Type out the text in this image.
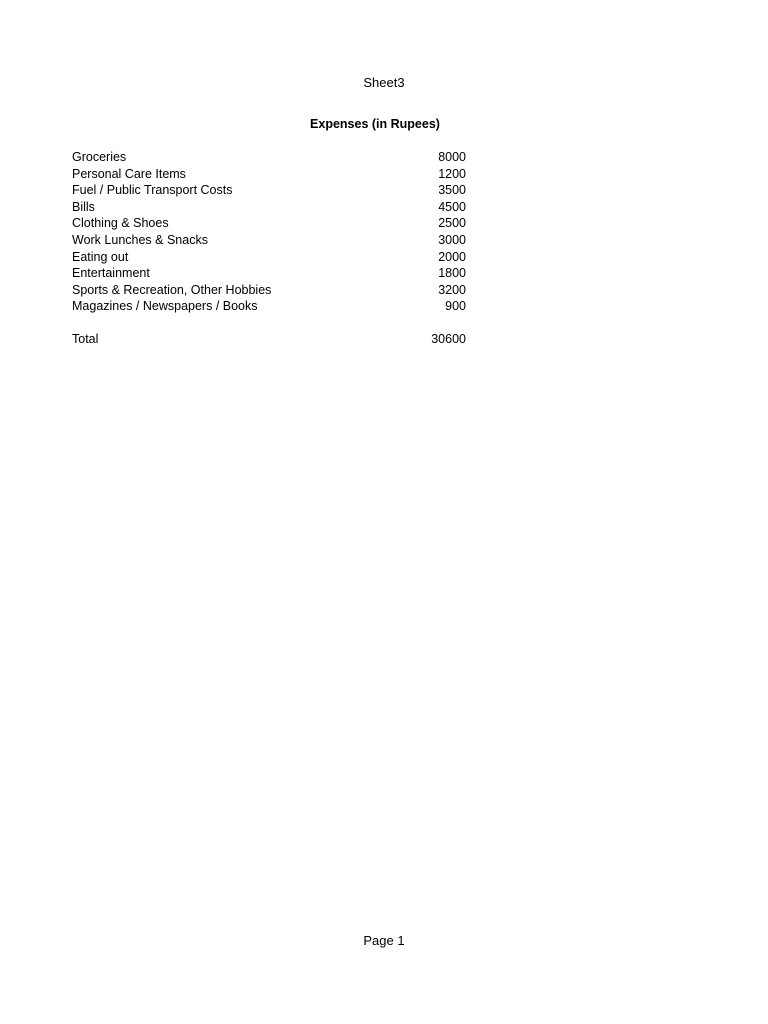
Sheet3
Expenses (in Rupees)
Groceries	8000
Personal Care Items	1200
Fuel / Public Transport Costs	3500
Bills	4500
Clothing & Shoes	2500
Work Lunches & Snacks	3000
Eating out	2000
Entertainment	1800
Sports & Recreation, Other Hobbies	3200
Magazines / Newspapers / Books	900
Total	30600
Page 1
